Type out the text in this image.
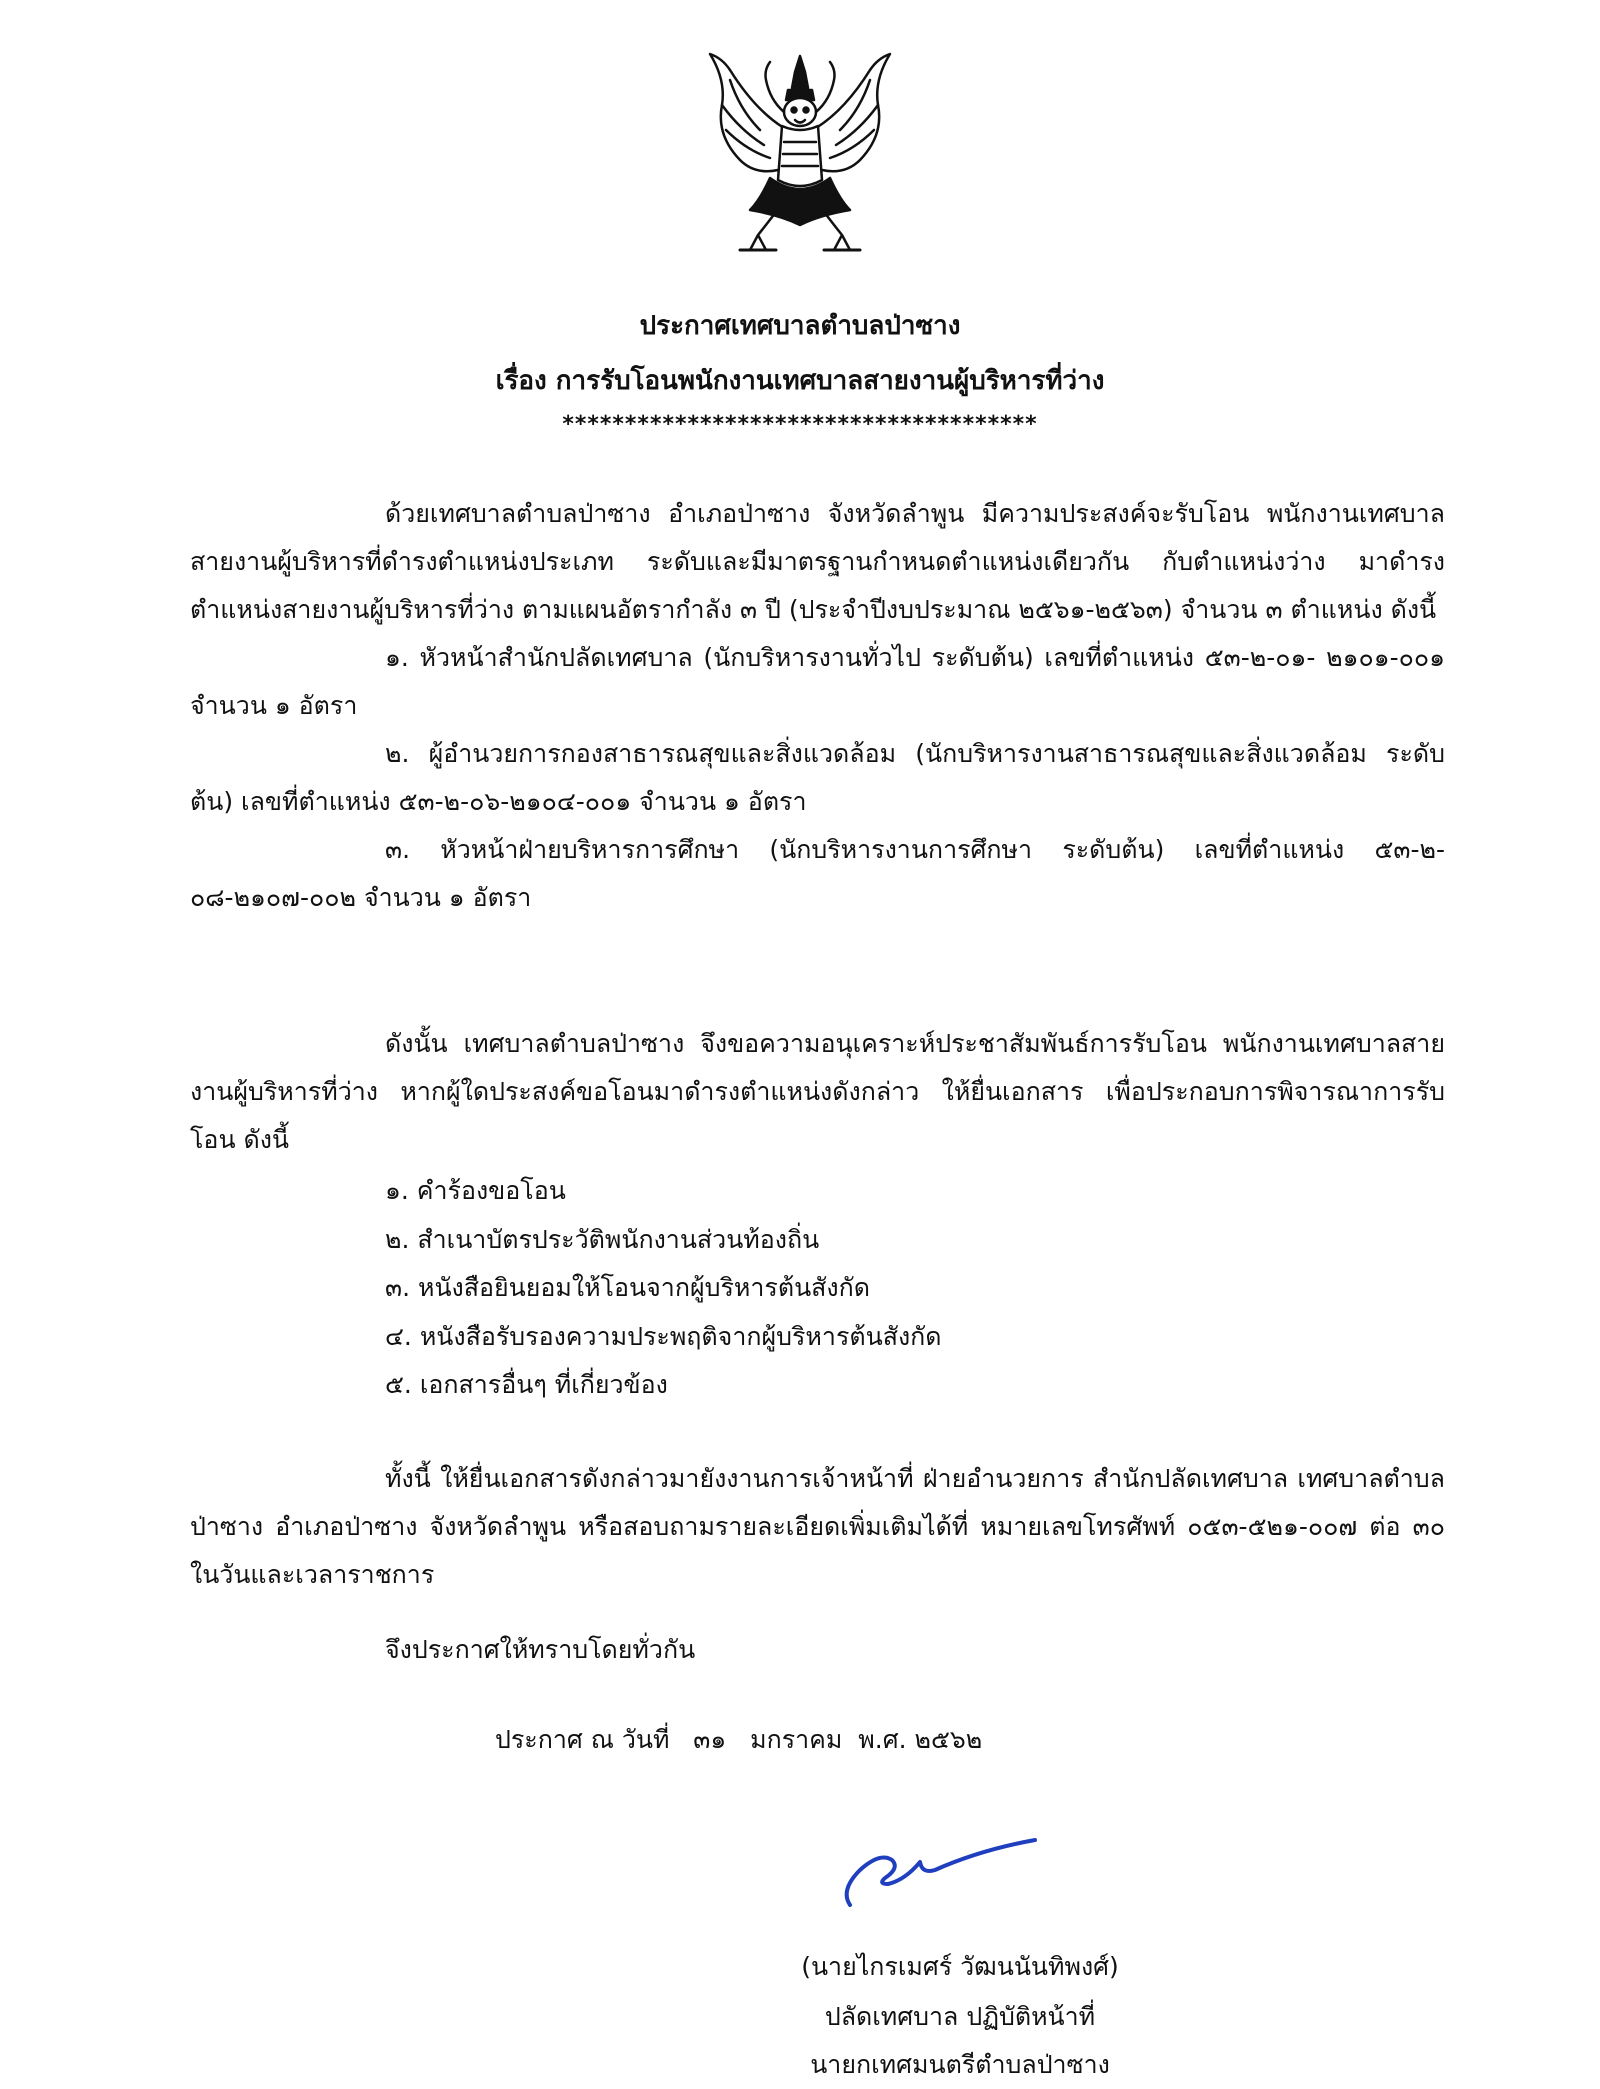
ประกาศเทศบาลตำบลป่าซาง
เรื่อง การรับโอนพนักงานเทศบาลสายงานผู้บริหารที่ว่าง
**************************************
ด้วยเทศบาลตำบลป่าซาง อำเภอป่าซาง จังหวัดลำพูน มีความประสงค์จะรับโอน พนักงานเทศบาลสายงานผู้บริหารที่ดำรงตำแหน่งประเภท ระดับและมีมาตรฐานกำหนดตำแหน่งเดียวกัน กับตำแหน่งว่าง มาดำรงตำแหน่งสายงานผู้บริหารที่ว่าง ตามแผนอัตรากำลัง ๓ ปี (ประจำปีงบประมาณ ๒๕๖๑-๒๕๖๓) จำนวน ๓ ตำแหน่ง ดังนี้
๑. หัวหน้าสำนักปลัดเทศบาล (นักบริหารงานทั่วไป ระดับต้น) เลขที่ตำแหน่ง ๕๓-๒-๐๑- ๒๑๐๑-๐๐๑ จำนวน ๑ อัตรา
๒. ผู้อำนวยการกองสาธารณสุขและสิ่งแวดล้อม (นักบริหารงานสาธารณสุขและสิ่งแวดล้อม ระดับต้น) เลขที่ตำแหน่ง ๕๓-๒-๐๖-๒๑๐๔-๐๐๑ จำนวน ๑ อัตรา
๓. หัวหน้าฝ่ายบริหารการศึกษา (นักบริหารงานการศึกษา ระดับต้น) เลขที่ตำแหน่ง ๕๓-๒- ๐๘-๒๑๐๗-๐๐๒ จำนวน ๑ อัตรา
ดังนั้น เทศบาลตำบลป่าซาง จึงขอความอนุเคราะห์ประชาสัมพันธ์การรับโอน พนักงานเทศบาลสายงานผู้บริหารที่ว่าง หากผู้ใดประสงค์ขอโอนมาดำรงตำแหน่งดังกล่าว ให้ยื่นเอกสาร เพื่อประกอบการพิจารณาการรับโอน ดังนี้
๑. คำร้องขอโอน
๒. สำเนาบัตรประวัติพนักงานส่วนท้องถิ่น
๓. หนังสือยินยอมให้โอนจากผู้บริหารต้นสังกัด
๔. หนังสือรับรองความประพฤติจากผู้บริหารต้นสังกัด
๕. เอกสารอื่นๆ ที่เกี่ยวข้อง
ทั้งนี้ ให้ยื่นเอกสารดังกล่าวมายังงานการเจ้าหน้าที่ ฝ่ายอำนวยการ สำนักปลัดเทศบาล เทศบาลตำบลป่าซาง อำเภอป่าซาง จังหวัดลำพูน หรือสอบถามรายละเอียดเพิ่มเติมได้ที่ หมายเลขโทรศัพท์ ๐๕๓-๕๒๑-๐๐๗ ต่อ ๓๐ ในวันและเวลาราชการ
จึงประกาศให้ทราบโดยทั่วกัน
ประกาศ ณ วันที่   ๓๑   มกราคม  พ.ศ. ๒๕๖๒
(นายไกรเมศร์ วัฒนนันทิพงศ์)
ปลัดเทศบาล ปฏิบัติหน้าที่
นายกเทศมนตรีตำบลป่าซาง
